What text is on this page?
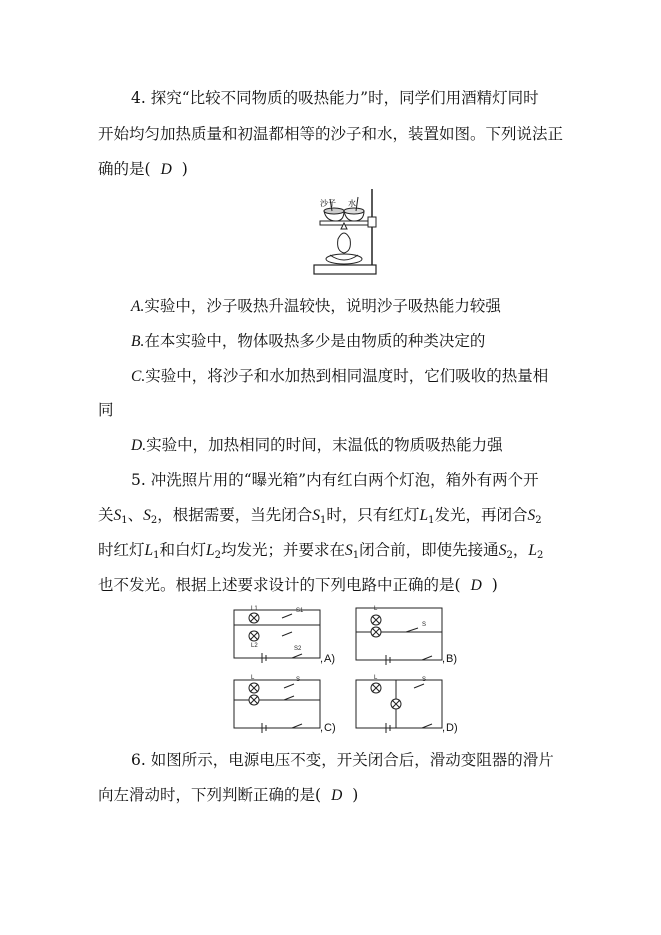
4. 探究“比较不同物质的吸热能力”时，同学们用酒精灯同时
开始均匀加热质量和初温都相等的沙子和水，装置如图。下列说法正
确的是( D )
沙子 水
A.实验中，沙子吸热升温较快，说明沙子吸热能力较强
B.在本实验中，物体吸热多少是由物质的种类决定的
C.实验中，将沙子和水加热到相同温度时，它们吸收的热量相
同
D.实验中，加热相同的时间，末温低的物质吸热能力强
5. 冲洗照片用的“曝光箱”内有红白两个灯泡，箱外有两个开
关$S_1$、$S_2$，根据需要，当先闭合$S_1$时，只有红灯$L_1$发光，再闭合$S_2$
时红灯$L_1$和白灯$L_2$均发光；并要求在$S_1$闭合前，即使先接通$S_2$，$L_2$
也不发光。根据上述要求设计的下列电路中正确的是( D )
L1	S1
L2	S2
L
S
L	S	L	S
, A)	, B)
, C)	, D)
6. 如图所示，电源电压不变，开关闭合后，滑动变阻器的滑片
向左滑动时，下列判断正确的是( D )
